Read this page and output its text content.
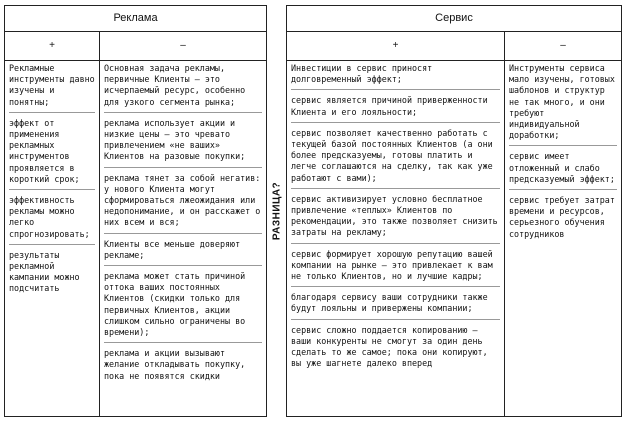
Реклама
+	–
Рекламные инструменты давно изучены и понятны;
эффект от применения рекламных инструментов проявляется в короткий срок;
эффективность рекламы можно легко спрогнозировать;
результаты рекламной кампании можно подсчитать
Основная задача рекламы, первичные Клиенты — это исчерпаемый ресурс, особенно для узкого сегмента рынка;
реклама использует акции и низкие цены — это чревато привлечением «не ваших» Клиентов на разовые покупки;
реклама тянет за собой негатив: у нового Клиента могут сформироваться лжеожидания или недопонимание, и он расскажет о них всем и вся;
Клиенты все меньше доверяют рекламе;
реклама может стать причиной оттока ваших постоянных Клиентов (скидки только для первичных Клиентов, акции слишком сильно ограничены во времени);
реклама и акции вызывают желание откладывать покупку, пока не появятся скидки
РАЗНИЦА?
Сервис
+	–
Инвестиции в сервис приносят долговременный эффект;
сервис является причиной приверженности Клиента и его лояльности;
сервис позволяет качественно работать с текущей базой постоянных Клиентов (а они более предсказуемы, готовы платить и легче соглашаются на сделку, так как уже работают с вами);
сервис активизирует условно бесплатное привлечение «теплых» Клиентов по рекомендации, это также позволяет снизить затраты на рекламу;
сервис формирует хорошую репутацию вашей компании на рынке — это привлекает к вам не только Клиентов, но и лучшие кадры;
благодаря сервису ваши сотрудники также будут лояльны и привержены компании;
сервис сложно поддается копированию — ваши конкуренты не смогут за один день сделать то же самое; пока они копируют, вы уже шагнете далеко вперед
Инструменты сервиса мало изучены, готовых шаблонов и структур не так много, и они требуют индивидуальной доработки;
сервис имеет отложенный и слабо предсказуемый эффект;
сервис требует затрат времени и ресурсов, серьезного обучения сотрудников
